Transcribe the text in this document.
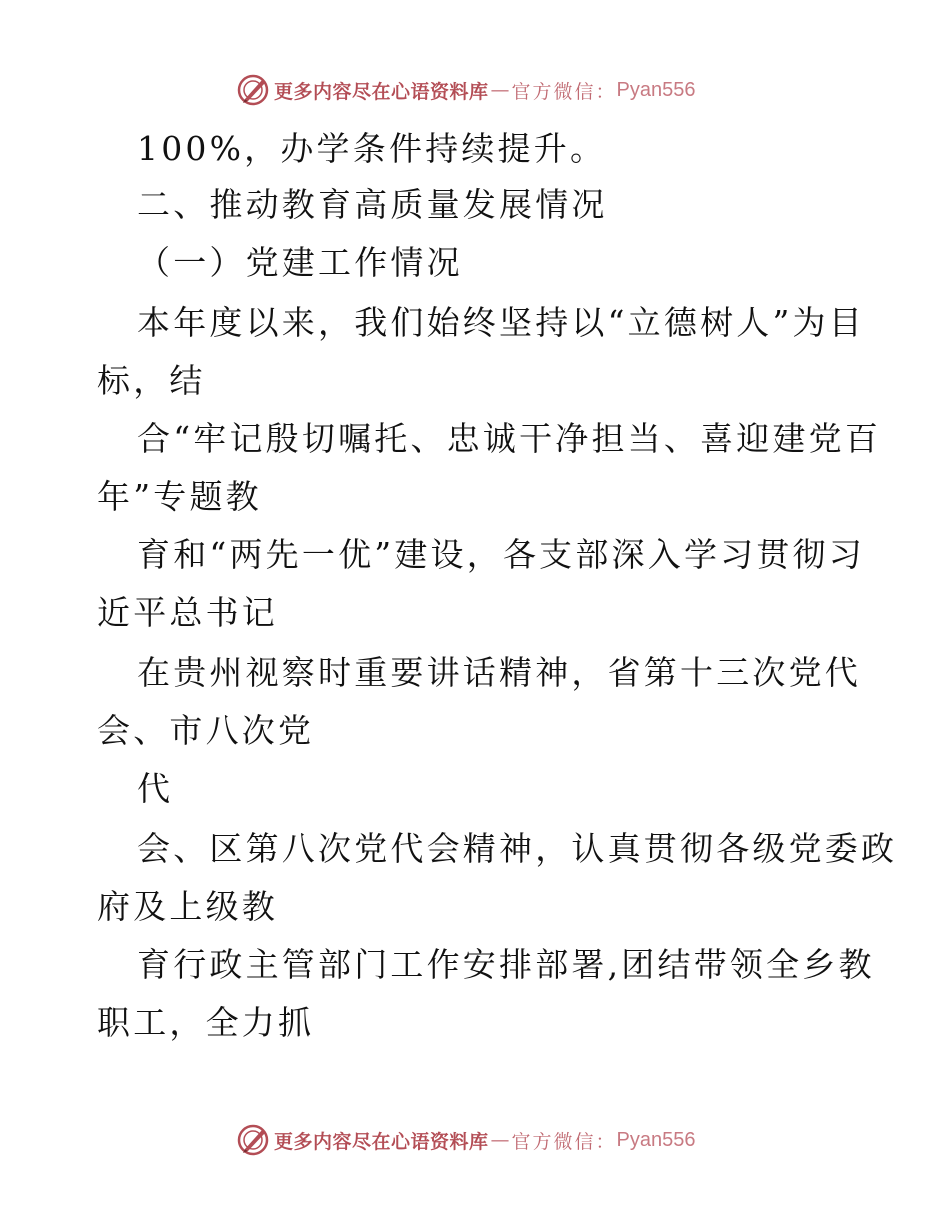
更多内容尽在心语资料库 — 官方微信： Pyan556
100%，办学条件持续提升。
二、推动教育高质量发展情况
（一）党建工作情况
本年度以来，我们始终坚持以“立德树人”为目
标，结
合“牢记殷切嘱托、忠诚干净担当、喜迎建党百
年”专题教
育和“两先一优”建设，各支部深入学习贯彻习
近平总书记
在贵州视察时重要讲话精神，省第十三次党代
会、市八次党
代
会、区第八次党代会精神，认真贯彻各级党委政
府及上级教
育行政主管部门工作安排部署,团结带领全乡教
职工，全力抓
更多内容尽在心语资料库 — 官方微信： Pyan556
